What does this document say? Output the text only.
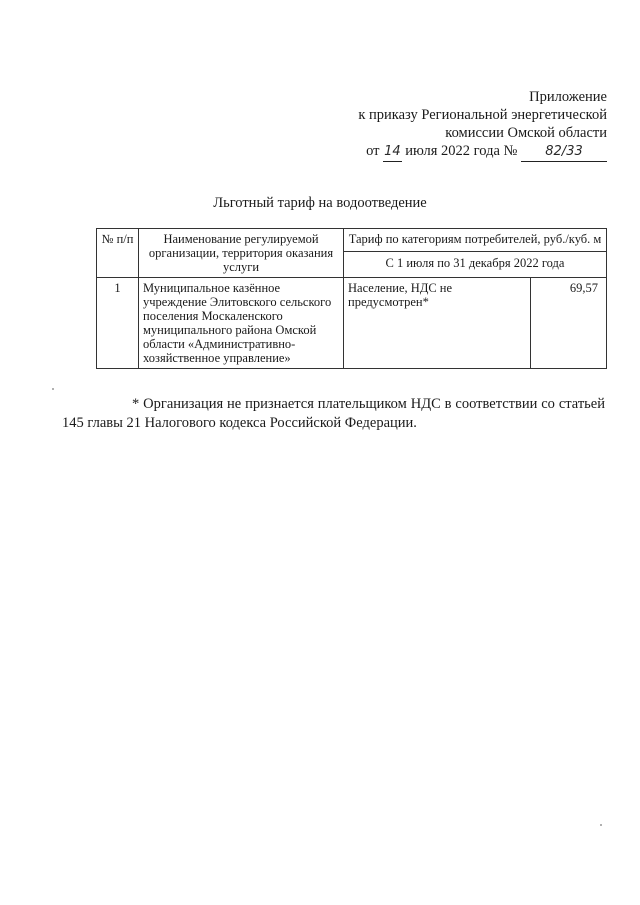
Приложение
к приказу Региональной энергетической
комиссии Омской области
от 14 июля 2022 года № 82/33
Льготный тариф на водоотведение
№ п/п	Наименование регулируемой организации, территория оказания услуги	Тариф по категориям потребителей, руб./куб. м	
		С 1 июля по 31 декабря 2022 года	
1	Муниципальное казённое учреждение Элитовского сельского поселения Москаленского муниципального района Омской области «Административно-хозяйственное управление»	Население, НДС не предусмотрен*	69,57
* Организация не признается плательщиком НДС в соответствии со статьей 145 главы 21 Налогового кодекса Российской Федерации.
